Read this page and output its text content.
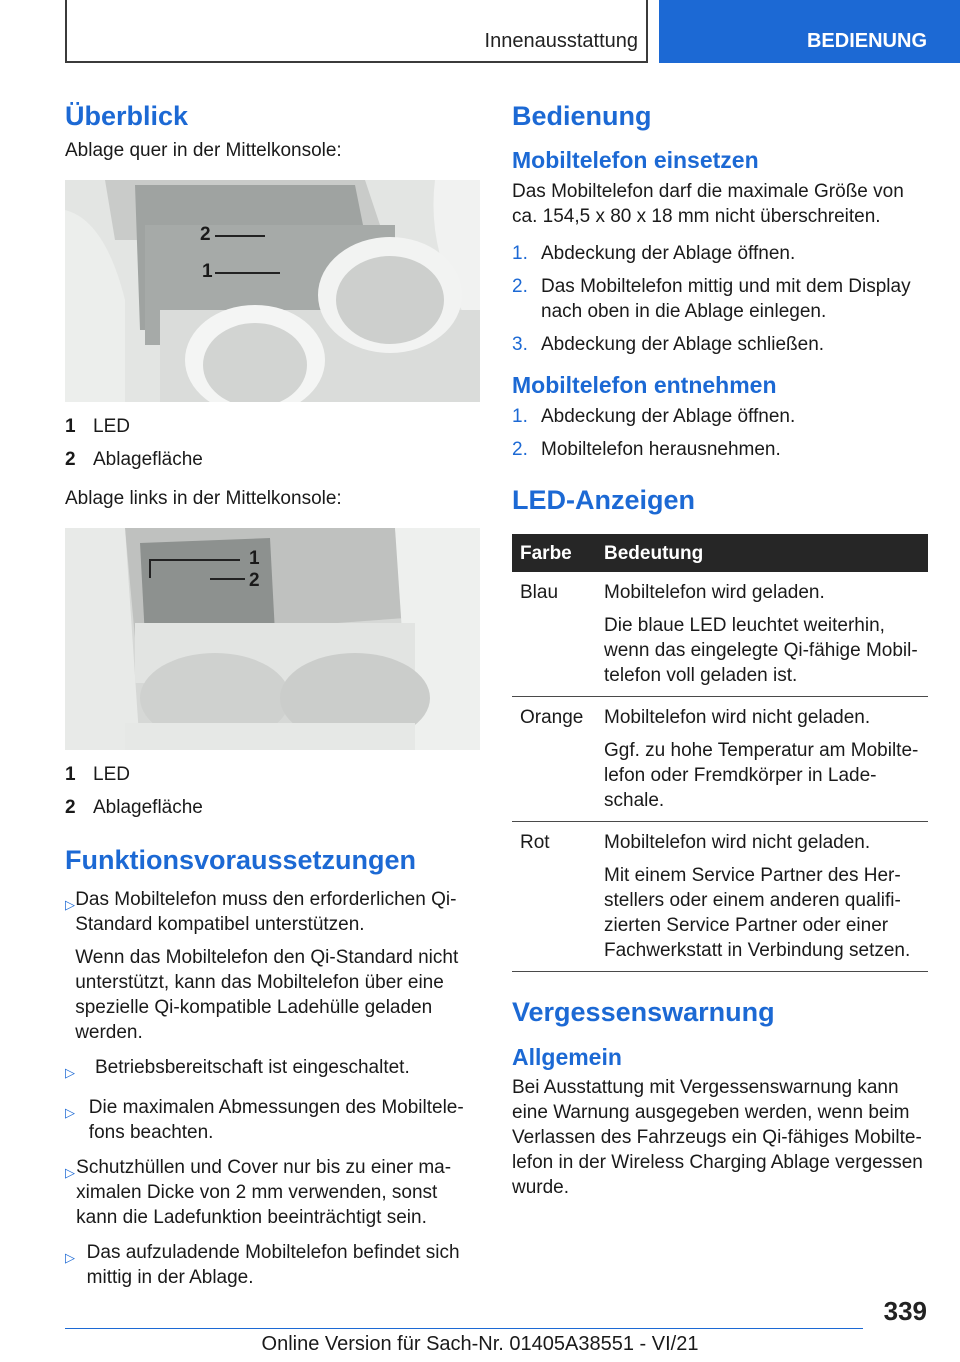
Innenausstattung	BEDIENUNG
Überblick

Ablage quer in der Mittelkonsole:

2
1
1 LED
2 Ablagefläche

Ablage links in der Mittelkonsole:

1
2
1 LED
2 Ablagefläche
Funktionsvoraussetzungen
▷ Das Mobiltelefon muss den erforderlichen Qi-Standard kompatibel unterstützen.
Wenn das Mobiltelefon den Qi-Standard nicht unterstützt, kann das Mobiltelefon über eine spezielle Qi-kompatible Ladehülle geladen werden.
▷	Betriebsbereitschaft ist eingeschaltet.
▷ Die maximalen Abmessungen des Mobiltelefons beachten.
▷ Schutzhüllen und Cover nur bis zu einer maximalen Dicke von 2 mm verwenden, sonst kann die Ladefunktion beeinträchtigt sein.
▷ Das aufzuladende Mobiltelefon befindet sich mittig in der Ablage.
Bedienung
Mobiltelefon einsetzen

Das Mobiltelefon darf die maximale Größe von ca. 154,5 x 80 x 18 mm nicht überschreiten.

1. Abdeckung der Ablage öffnen.
2. Das Mobiltelefon mittig und mit dem Display nach oben in die Ablage einlegen.
3. Abdeckung der Ablage schließen.
Mobiltelefon entnehmen
1. Abdeckung der Ablage öffnen.
2. Mobiltelefon herausnehmen.
LED-Anzeigen
Farbe	Bedeutung
Blau	Mobiltelefon wird geladen.
Die blaue LED leuchtet weiterhin, wenn das eingelegte Qi-fähige Mobiltelefon voll geladen ist.

Orange	Mobiltelefon wird nicht geladen.
Ggf. zu hohe Temperatur am Mobiltelefon oder Fremdkörper in Ladeschale.

Rot	Mobiltelefon wird nicht geladen.
Mit einem Service Partner des Herstellers oder einem anderen qualifizierten Service Partner oder einer Fachwerkstatt in Verbindung setzen.
Vergessenswarnung
Allgemein

Bei Ausstattung mit Vergessenswarnung kann eine Warnung ausgegeben werden, wenn beim Verlassen des Fahrzeugs ein Qi-fähiges Mobiltelefon in der Wireless Charging Ablage vergessen wurde.

339
Online Version für Sach-Nr. 01405A38551 - VI/21
